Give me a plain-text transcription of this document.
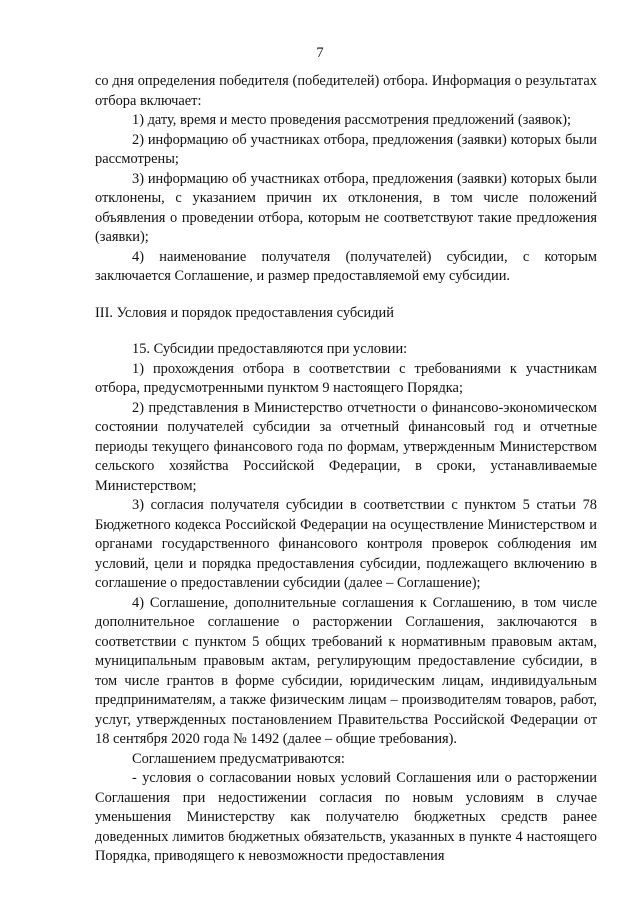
7

со дня определения победителя (победителей) отбора. Информация о результатах отбора включает:

1) дату, время и место проведения рассмотрения предложений (заявок);

2) информацию об участниках отбора, предложения (заявки) которых были рассмотрены;

3) информацию об участниках отбора, предложения (заявки) которых были отклонены, с указанием причин их отклонения, в том числе положений объявления о проведении отбора, которым не соответствуют такие предложения (заявки);

4) наименование получателя (получателей) субсидии, с которым заключается Соглашение, и размер предоставляемой ему субсидии.

III. Условия и порядок предоставления субсидий

15. Субсидии предоставляются при условии:

1) прохождения отбора в соответствии с требованиями к участникам отбора, предусмотренными пунктом 9 настоящего Порядка;

2) представления в Министерство отчетности о финансово-экономическом состоянии получателей субсидии за отчетный финансовый год и отчетные периоды текущего финансового года по формам, утвержденным Министерством сельского хозяйства Российской Федерации, в сроки, устанавливаемые Министерством;

3) согласия получателя субсидии в соответствии с пунктом 5 статьи 78 Бюджетного кодекса Российской Федерации на осуществление Министерством и органами государственного финансового контроля проверок соблюдения им условий, цели и порядка предоставления субсидии, подлежащего включению в соглашение о предоставлении субсидии (далее – Соглашение);

4) Соглашение, дополнительные соглашения к Соглашению, в том числе дополнительное соглашение о расторжении Соглашения, заключаются в соответствии с пунктом 5 общих требований к нормативным правовым актам, муниципальным правовым актам, регулирующим предоставление субсидии, в том числе грантов в форме субсидии, юридическим лицам, индивидуальным предпринимателям, а также физическим лицам – производителям товаров, работ, услуг, утвержденных постановлением Правительства Российской Федерации от 18 сентября 2020 года № 1492 (далее – общие требования).

Соглашением предусматриваются:

- условия о согласовании новых условий Соглашения или о расторжении Соглашения при недостижении согласия по новым условиям в случае уменьшения Министерству как получателю бюджетных средств ранее доведенных лимитов бюджетных обязательств, указанных в пункте 4 настоящего Порядка, приводящего к невозможности предоставления
